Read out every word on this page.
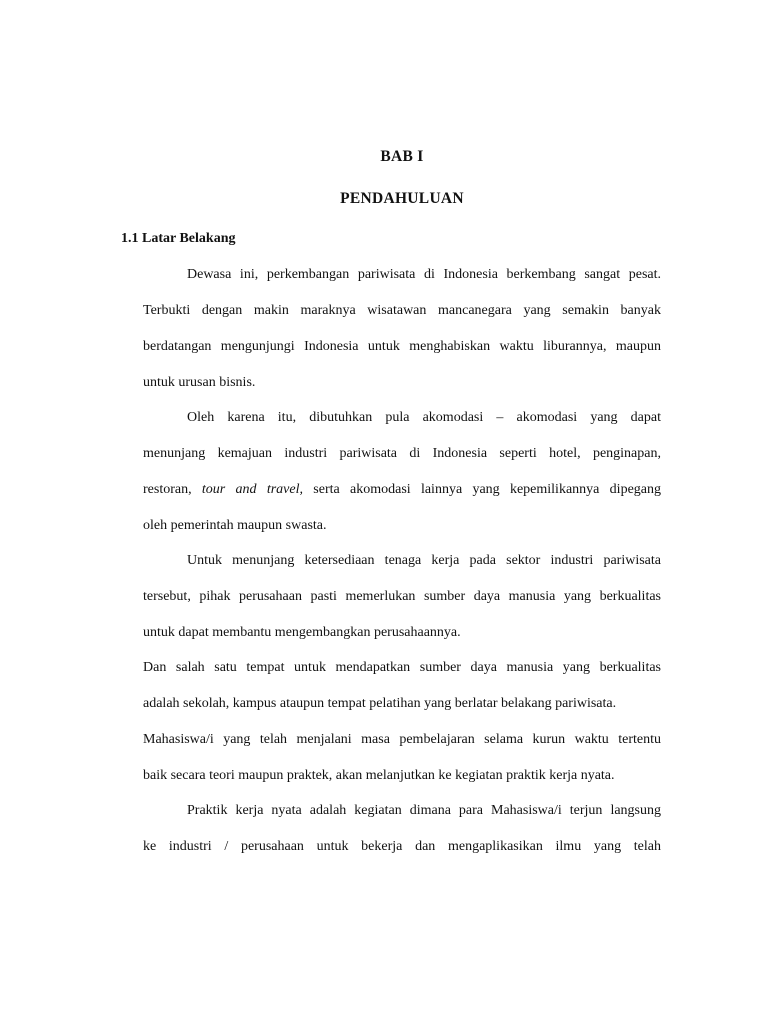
BAB I
PENDAHULUAN
1.1 Latar Belakang
Dewasa ini, perkembangan pariwisata di Indonesia berkembang sangat pesat.
Terbukti dengan makin maraknya wisatawan mancanegara yang semakin banyak
berdatangan mengunjungi Indonesia untuk menghabiskan waktu liburannya, maupun
untuk urusan bisnis.
Oleh karena itu, dibutuhkan pula akomodasi – akomodasi yang dapat
menunjang kemajuan industri pariwisata di Indonesia seperti hotel, penginapan,
restoran, tour and travel, serta akomodasi lainnya yang kepemilikannya dipegang
oleh pemerintah maupun swasta.
Untuk menunjang ketersediaan tenaga kerja pada sektor industri pariwisata
tersebut, pihak perusahaan pasti memerlukan sumber daya manusia yang berkualitas
untuk dapat membantu mengembangkan perusahaannya.
Dan salah satu tempat untuk mendapatkan sumber daya manusia yang berkualitas
adalah sekolah, kampus ataupun tempat pelatihan yang berlatar belakang pariwisata.
Mahasiswa/i yang telah menjalani masa pembelajaran selama kurun waktu tertentu
baik secara teori maupun praktek, akan melanjutkan ke kegiatan praktik kerja nyata.
Praktik kerja nyata adalah kegiatan dimana para Mahasiswa/i terjun langsung
ke industri / perusahaan untuk bekerja dan mengaplikasikan ilmu yang telah
